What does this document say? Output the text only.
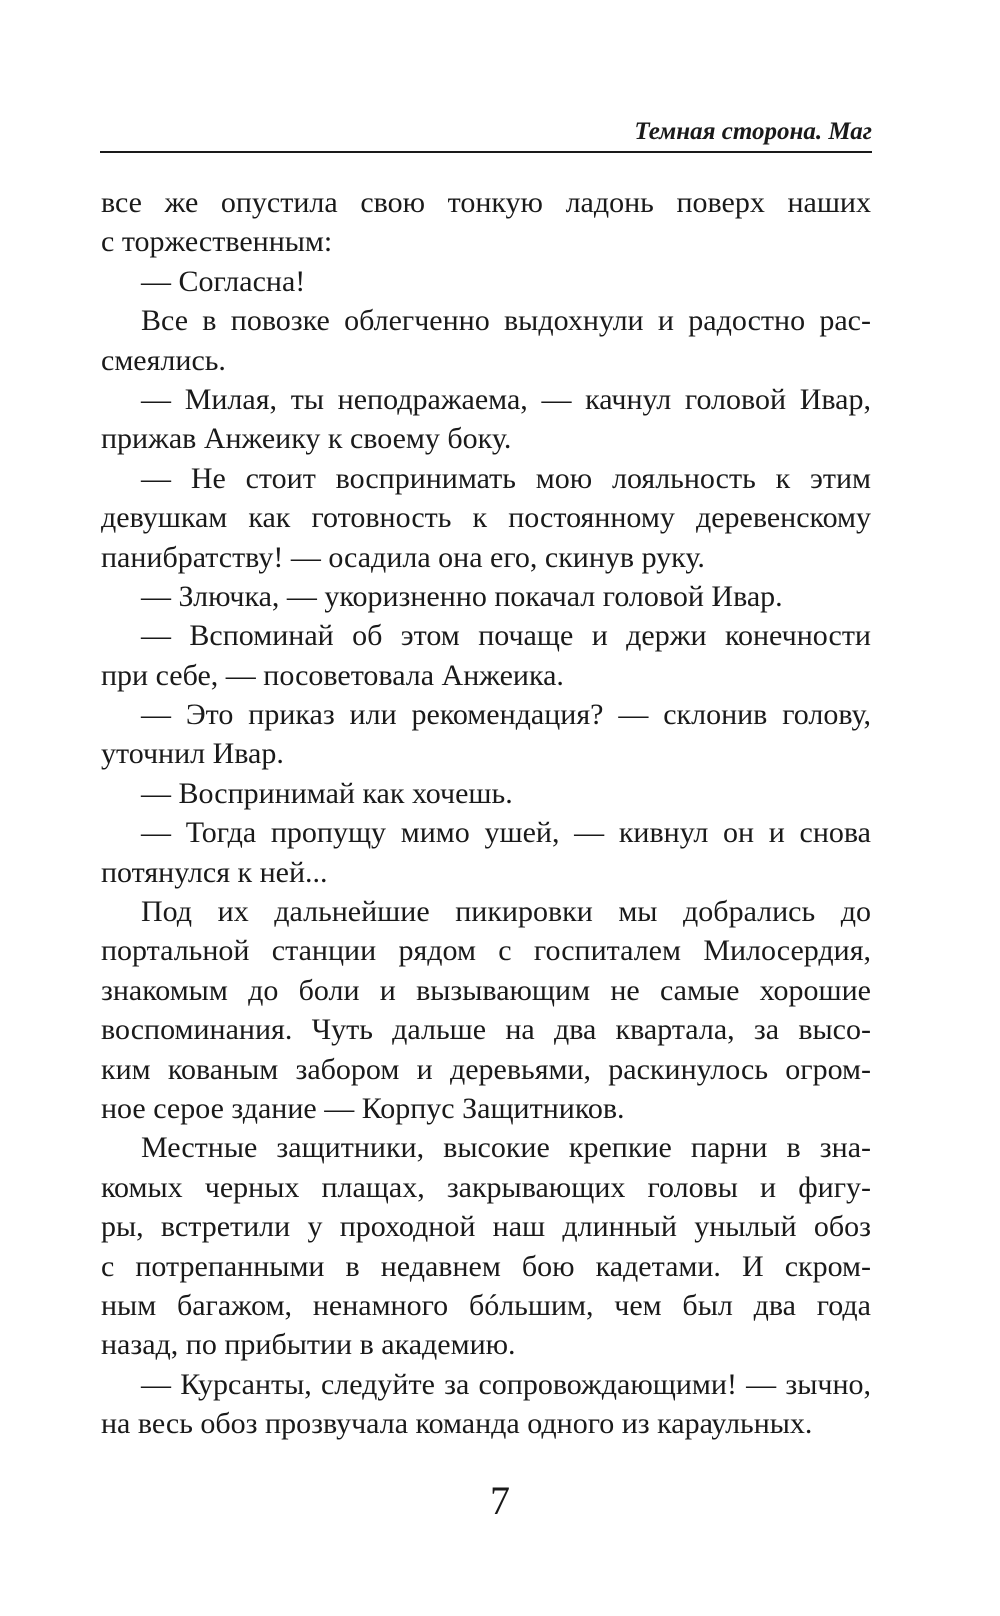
Темная сторона. Маг
все же опустила свою тонкую ладонь поверх наших
с торжественным:
— Согласна!
Все в повозке облегченно выдохнули и радостно рас-
смеялись.
— Милая, ты неподражаема, — качнул головой Ивар,
прижав Анжеику к своему боку.
— Не стоит воспринимать мою лояльность к этим
девушкам как готовность к постоянному деревенскому
панибратству! — осадила она его, скинув руку.
— Злючка, — укоризненно покачал головой Ивар.
— Вспоминай об этом почаще и держи конечности
при себе, — посоветовала Анжеика.
— Это приказ или рекомендация? — склонив голову,
уточнил Ивар.
— Воспринимай как хочешь.
— Тогда пропущу мимо ушей, — кивнул он и снова
потянулся к ней...
Под их дальнейшие пикировки мы добрались до
портальной станции рядом с госпиталем Милосердия,
знакомым до боли и вызывающим не самые хорошие
воспоминания. Чуть дальше на два квартала, за высо-
ким кованым забором и деревьями, раскинулось огром-
ное серое здание — Корпус Защитников.
Местные защитники, высокие крепкие парни в зна-
комых черных плащах, закрывающих головы и фигу-
ры, встретили у проходной наш длинный унылый обоз
с потрепанными в недавнем бою кадетами. И скром-
ным багажом, ненамного бóльшим, чем был два года
назад, по прибытии в академию.
— Курсанты, следуйте за сопровождающими! — зычно,
на весь обоз прозвучала команда одного из караульных.
7
